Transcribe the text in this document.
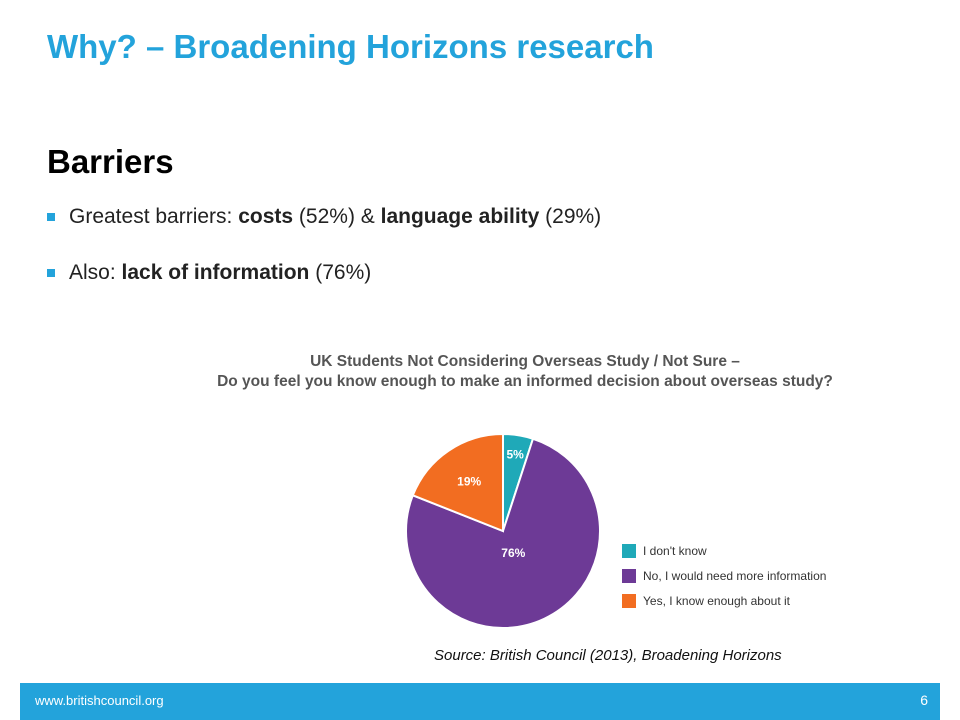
Why? – Broadening Horizons research
Barriers
Greatest barriers: costs (52%) & language ability (29%)
Also: lack of information (76%)
UK Students Not Considering Overseas Study / Not Sure –
Do you feel you know enough to make an informed decision about overseas study?
5%
76%
19%
I don't know
No, I would need more information
Yes, I know enough about it
Source: British Council (2013), Broadening Horizons
www.britishcouncil.org	6
